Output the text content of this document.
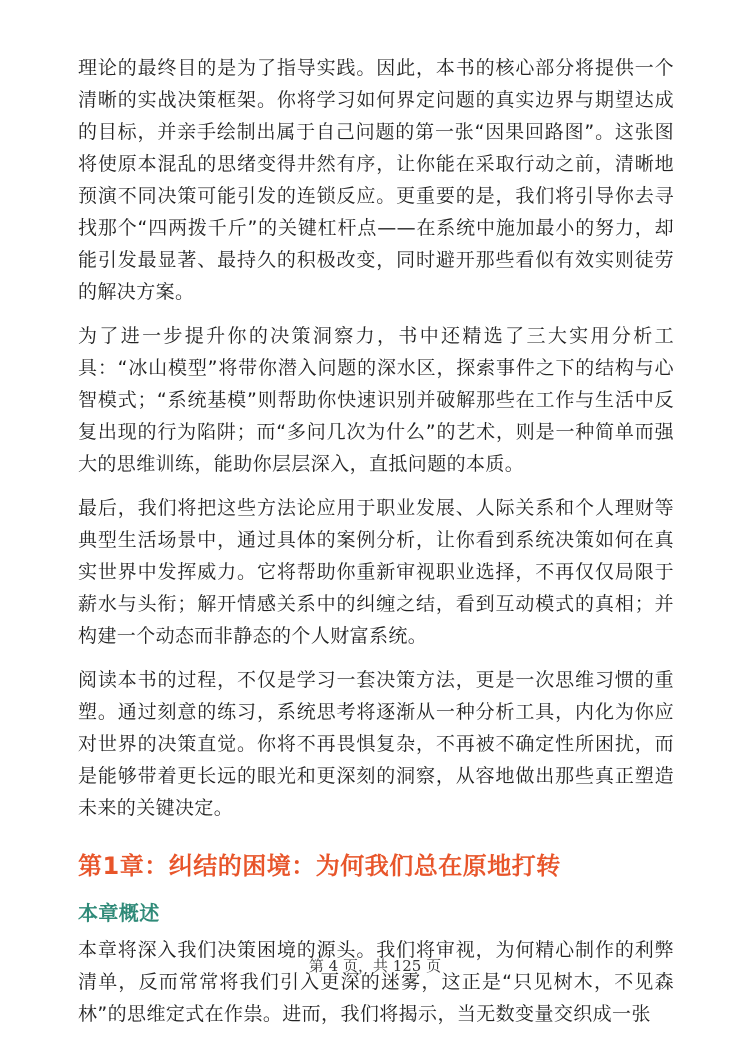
理论的最终目的是为了指导实践。因此，本书的核心部分将提供一个清晰的实战决策框架。你将学习如何界定问题的真实边界与期望达成的目标，并亲手绘制出属于自己问题的第一张“因果回路图”。这张图将使原本混乱的思绪变得井然有序，让你能在采取行动之前，清晰地预演不同决策可能引发的连锁反应。更重要的是，我们将引导你去寻找那个“四两拨千斤”的关键杠杆点——在系统中施加最小的努力，却能引发最显著、最持久的积极改变，同时避开那些看似有效实则徒劳的解决方案。

为了进一步提升你的决策洞察力，书中还精选了三大实用分析工具：“冰山模型”将带你潜入问题的深水区，探索事件之下的结构与心智模式；“系统基模”则帮助你快速识别并破解那些在工作与生活中反复出现的行为陷阱；而“多问几次为什么”的艺术，则是一种简单而强大的思维训练，能助你层层深入，直抵问题的本质。

最后，我们将把这些方法论应用于职业发展、人际关系和个人理财等典型生活场景中，通过具体的案例分析，让你看到系统决策如何在真实世界中发挥威力。它将帮助你重新审视职业选择，不再仅仅局限于薪水与头衔；解开情感关系中的纠缠之结，看到互动模式的真相；并构建一个动态而非静态的个人财富系统。

阅读本书的过程，不仅是学习一套决策方法，更是一次思维习惯的重塑。通过刻意的练习，系统思考将逐渐从一种分析工具，内化为你应对世界的决策直觉。你将不再畏惧复杂，不再被不确定性所困扰，而是能够带着更长远的眼光和更深刻的洞察，从容地做出那些真正塑造未来的关键决定。

第1章：纠结的困境：为何我们总在原地打转
本章概述

本章将深入我们决策困境的源头。我们将审视，为何精心制作的利弊清单，反而常常将我们引入更深的迷雾，这正是“只见树木，不见森林”的思维定式在作祟。进而，我们将揭示，当无数变量交织成一张

第 4 页，共 125 页
